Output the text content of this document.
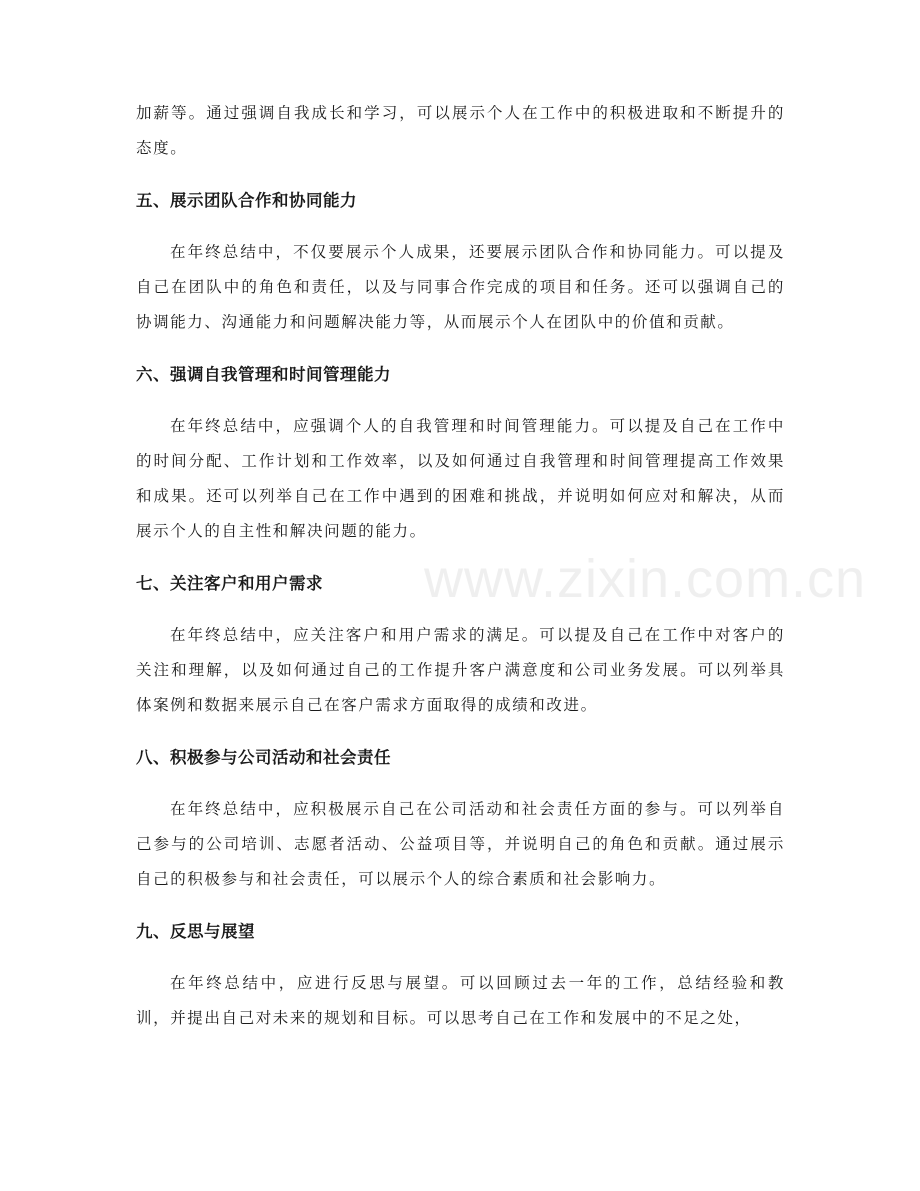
加薪等。通过强调自我成长和学习，可以展示个人在工作中的积极进取和不断提升的态度。

五、展示团队合作和协同能力

在年终总结中，不仅要展示个人成果，还要展示团队合作和协同能力。可以提及自己在团队中的角色和责任，以及与同事合作完成的项目和任务。还可以强调自己的协调能力、沟通能力和问题解决能力等，从而展示个人在团队中的价值和贡献。

六、强调自我管理和时间管理能力

在年终总结中，应强调个人的自我管理和时间管理能力。可以提及自己在工作中的时间分配、工作计划和工作效率，以及如何通过自我管理和时间管理提高工作效果和成果。还可以列举自己在工作中遇到的困难和挑战，并说明如何应对和解决，从而展示个人的自主性和解决问题的能力。

七、关注客户和用户需求

在年终总结中，应关注客户和用户需求的满足。可以提及自己在工作中对客户的关注和理解，以及如何通过自己的工作提升客户满意度和公司业务发展。可以列举具体案例和数据来展示自己在客户需求方面取得的成绩和改进。

八、积极参与公司活动和社会责任

在年终总结中，应积极展示自己在公司活动和社会责任方面的参与。可以列举自己参与的公司培训、志愿者活动、公益项目等，并说明自己的角色和贡献。通过展示自己的积极参与和社会责任，可以展示个人的综合素质和社会影响力。

九、反思与展望

在年终总结中，应进行反思与展望。可以回顾过去一年的工作，总结经验和教训，并提出自己对未来的规划和目标。可以思考自己在工作和发展中的不足之处，

www.zixin.com.cn
